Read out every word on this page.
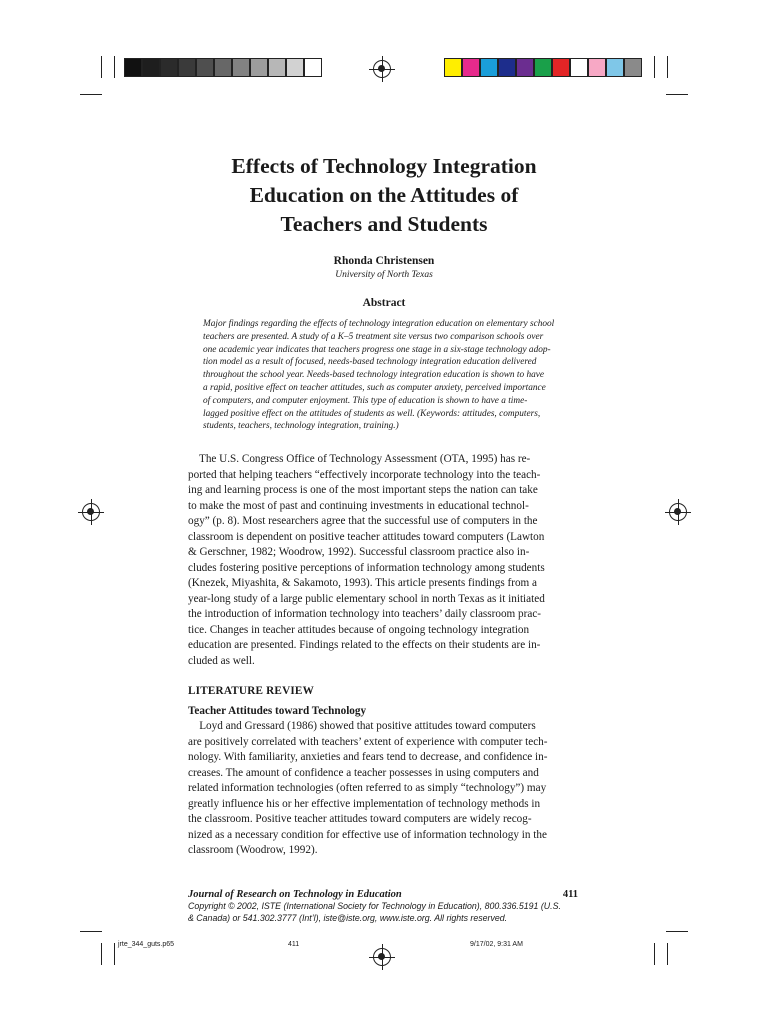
Effects of Technology Integration
Education on the Attitudes of
Teachers and Students
Rhonda Christensen
University of North Texas
Abstract
Major findings regarding the effects of technology integration education on elementary school
teachers are presented. A study of a K–5 treatment site versus two comparison schools over
one academic year indicates that teachers progress one stage in a six-stage technology adop-
tion model as a result of focused, needs-based technology integration education delivered
throughout the school year. Needs-based technology integration education is shown to have
a rapid, positive effect on teacher attitudes, such as computer anxiety, perceived importance
of computers, and computer enjoyment. This type of education is shown to have a time-
lagged positive effect on the attitudes of students as well. (Keywords: attitudes, computers,
students, teachers, technology integration, training.)
The U.S. Congress Office of Technology Assessment (OTA, 1995) has re-
ported that helping teachers “effectively incorporate technology into the teach-
ing and learning process is one of the most important steps the nation can take
to make the most of past and continuing investments in educational technol-
ogy” (p. 8). Most researchers agree that the successful use of computers in the
classroom is dependent on positive teacher attitudes toward computers (Lawton
& Gerschner, 1982; Woodrow, 1992). Successful classroom practice also in-
cludes fostering positive perceptions of information technology among students
(Knezek, Miyashita, & Sakamoto, 1993). This article presents findings from a
year-long study of a large public elementary school in north Texas as it initiated
the introduction of information technology into teachers’ daily classroom prac-
tice. Changes in teacher attitudes because of ongoing technology integration
education are presented. Findings related to the effects on their students are in-
cluded as well.
LITERATURE REVIEW
Teacher Attitudes toward Technology
Loyd and Gressard (1986) showed that positive attitudes toward computers
are positively correlated with teachers’ extent of experience with computer tech-
nology. With familiarity, anxieties and fears tend to decrease, and confidence in-
creases. The amount of confidence a teacher possesses in using computers and
related information technologies (often referred to as simply “technology”) may
greatly influence his or her effective implementation of technology methods in
the classroom. Positive teacher attitudes toward computers are widely recog-
nized as a necessary condition for effective use of information technology in the
classroom (Woodrow, 1992).
Journal of Research on Technology in Education	411
Copyright © 2002, ISTE (International Society for Technology in Education), 800.336.5191 (U.S.
& Canada) or 541.302.3777 (Int’l), iste@iste.org, www.iste.org. All rights reserved.
jrte_344_guts.p65	411	9/17/02, 9:31 AM
